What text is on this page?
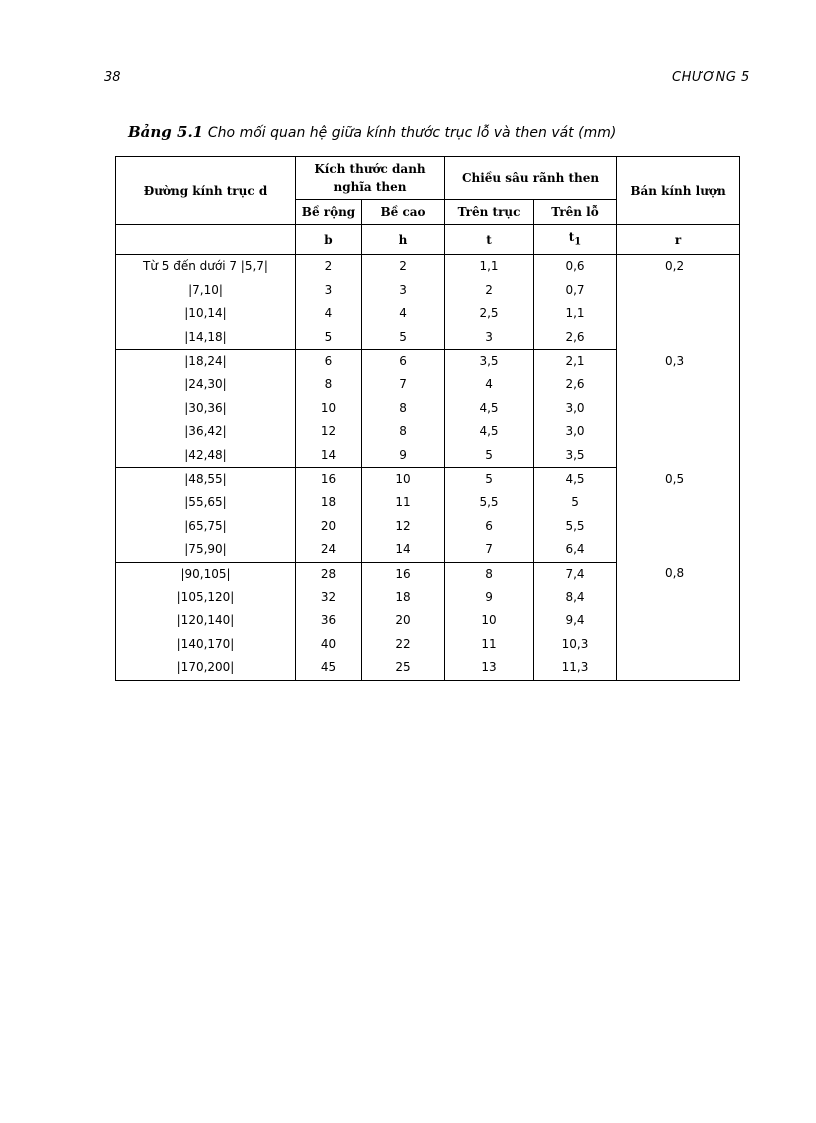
38	CHƯƠNG 5
Bảng 5.1 Cho mối quan hệ giữa kính thước trục lỗ và then vát (mm)
Đường kính trục d	Kích thước danh nghĩa then		Chiều sâu rãnh then		Bán kính lượn
	Bề rộng	Bề cao	Trên trục	Trên lỗ	
	b	h	t	$t_1$	r
Từ 5 đến dưới 7 |5,7|	2	2	1,1	0,6	0,2
|7,10|	3	3	2	0,7	
|10,14|	4	4	2,5	1,1	
|14,18|	5	5	3	2,6	
|18,24|	6	6	3,5	2,1	0,3
|24,30|	8	7	4	2,6	
|30,36|	10	8	4,5	3,0	
|36,42|	12	8	4,5	3,0	
|42,48|	14	9	5	3,5	
|48,55|	16	10	5	4,5	0,5
|55,65|	18	11	5,5	5	
|65,75|	20	12	6	5,5	
|75,90|	24	14	7	6,4	
|90,105|	28	16	8	7,4	0,8
|105,120|	32	18	9	8,4	
|120,140|	36	20	10	9,4	
|140,170|	40	22	11	10,3	
|170,200|	45	25	13	11,3	
